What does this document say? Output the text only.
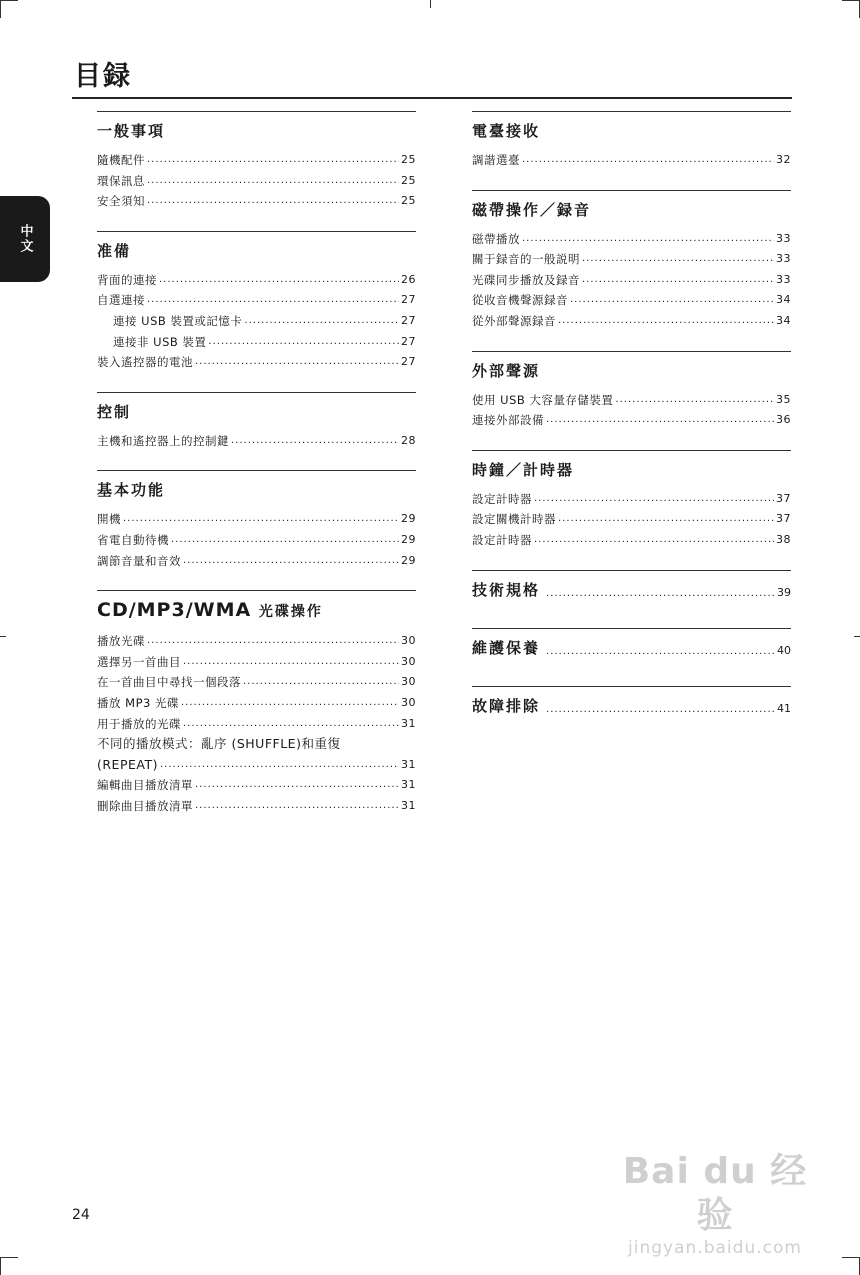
目録
中文
一般事項
隨機配件 .....	25
環保訊息 .....	25
安全須知 .....	25
准備
背面的連接 .....	26
自選連接 .....	27
連接 USB 裝置或記憶卡 .....	27
連接非 USB 裝置 .....	27
裝入遙控器的電池 .....	27
控制
主機和遙控器上的控制鍵 .....	28
基本功能
開機 .....	29
省電自動待機 .....	29
調節音量和音效 .....	29
CD/MP3/WMA 光碟操作
播放光碟 .....	30
選擇另一首曲目 .....	30
在一首曲目中尋找一個段落 .....	30
播放 MP3 光碟 .....	30
用于播放的光碟 .....	31
不同的播放模式：亂序 (SHUFFLE)和重復
(REPEAT) .....	31
編輯曲目播放清單 .....	31
刪除曲目播放清單 .....	31
電臺接收
調諧選臺 .....	32
磁帶操作／録音
磁帶播放 .....	33
關于録音的一般説明 .....	33
光碟同步播放及録音 .....	33
從收音機聲源録音 .....	34
從外部聲源録音 .....	34
外部聲源
使用 USB 大容量存儲裝置 .....	35
連接外部設備 .....	36
時鐘／計時器
設定計時器 .....	37
設定關機計時器 .....	37
設定計時器 .....	38
技術規格 .....	39
維護保養 .....	40
故障排除 .....	41
24
Bai du 经验
jingyan.baidu.com
